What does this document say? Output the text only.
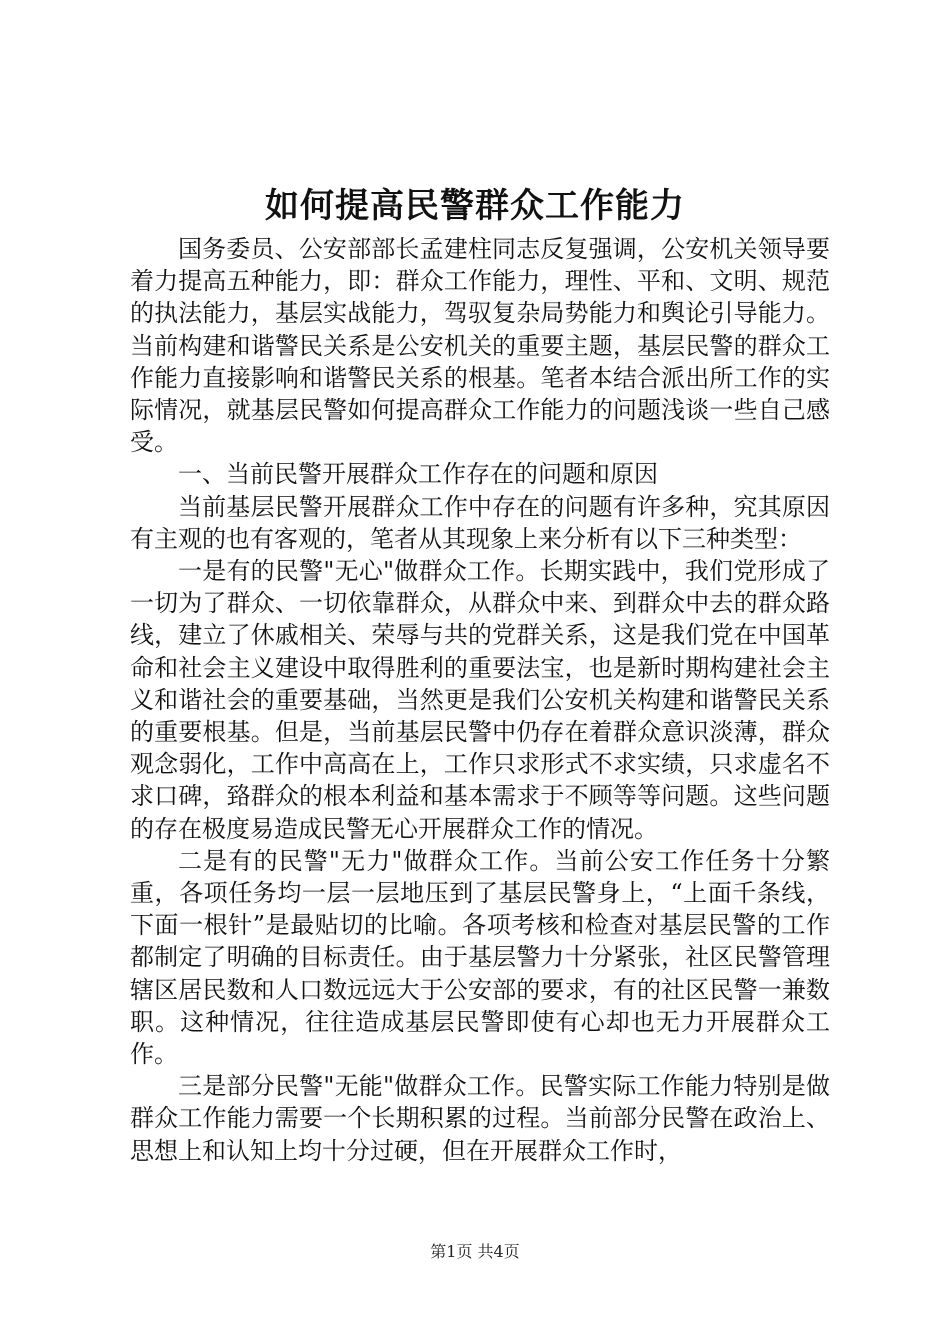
如何提高民警群众工作能力

国务委员、公安部部长孟建柱同志反复强调，公安机关领导要着力提高五种能力，即：群众工作能力，理性、平和、文明、规范的执法能力，基层实战能力，驾驭复杂局势能力和舆论引导能力。当前构建和谐警民关系是公安机关的重要主题，基层民警的群众工作能力直接影响和谐警民关系的根基。笔者本结合派出所工作的实际情况，就基层民警如何提高群众工作能力的问题浅谈一些自己感受。

一、当前民警开展群众工作存在的问题和原因

当前基层民警开展群众工作中存在的问题有许多种，究其原因有主观的也有客观的，笔者从其现象上来分析有以下三种类型：

一是有的民警"无心"做群众工作。长期实践中，我们党形成了一切为了群众、一切依靠群众，从群众中来、到群众中去的群众路线，建立了休戚相关、荣辱与共的党群关系，这是我们党在中国革命和社会主义建设中取得胜利的重要法宝，也是新时期构建社会主义和谐社会的重要基础，当然更是我们公安机关构建和谐警民关系的重要根基。但是，当前基层民警中仍存在着群众意识淡薄，群众观念弱化，工作中高高在上，工作只求形式不求实绩，只求虚名不求口碑，臵群众的根本利益和基本需求于不顾等等问题。这些问题的存在极度易造成民警无心开展群众工作的情况。

二是有的民警"无力"做群众工作。当前公安工作任务十分繁重，各项任务均一层一层地压到了基层民警身上，“上面千条线，下面一根针”是最贴切的比喻。各项考核和检查对基层民警的工作都制定了明确的目标责任。由于基层警力十分紧张，社区民警管理辖区居民数和人口数远远大于公安部的要求，有的社区民警一兼数职。这种情况，往往造成基层民警即使有心却也无力开展群众工作。

三是部分民警"无能"做群众工作。民警实际工作能力特别是做群众工作能力需要一个长期积累的过程。当前部分民警在政治上、思想上和认知上均十分过硬，但在开展群众工作时，

第1页 共4页
